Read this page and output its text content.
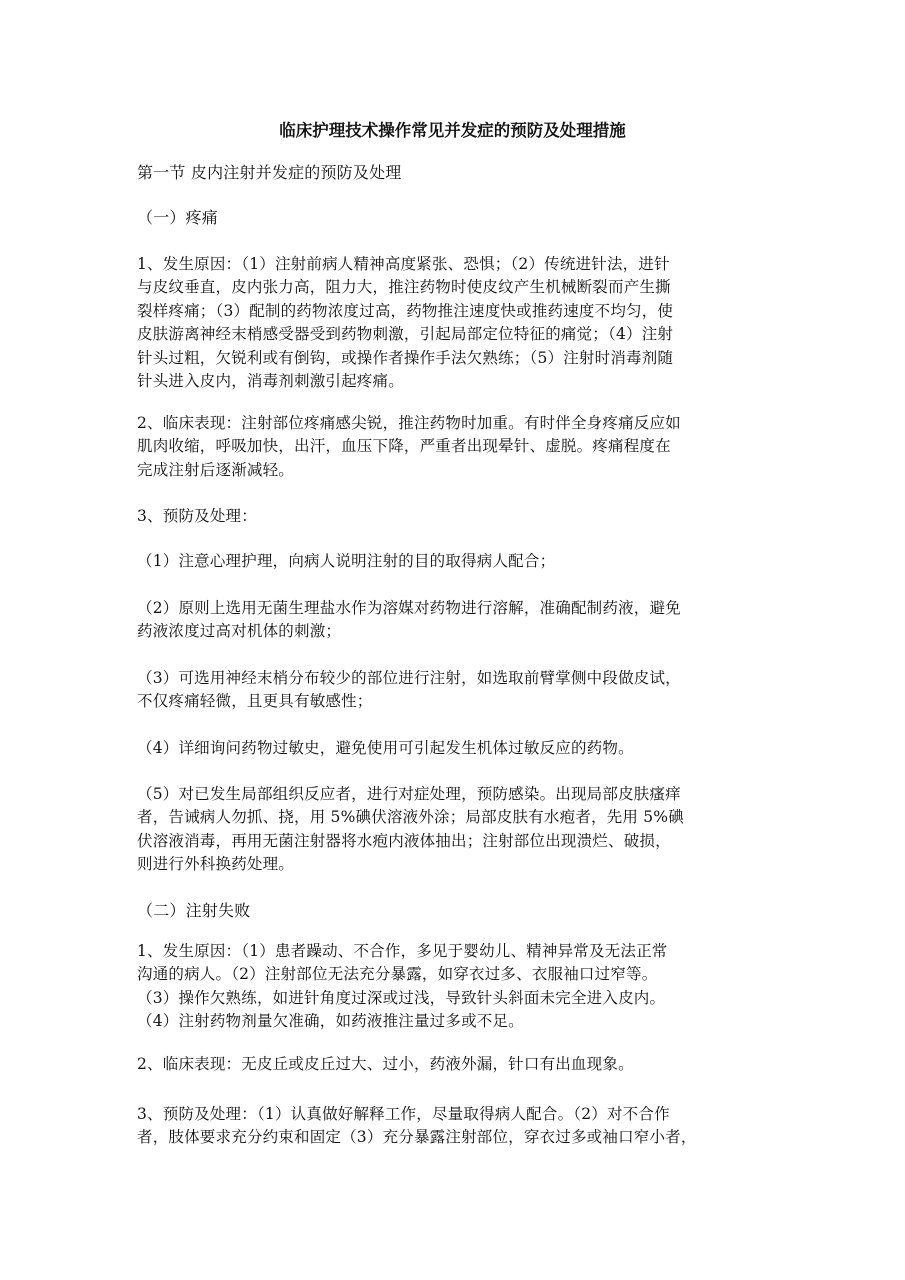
临床护理技术操作常见并发症的预防及处理措施

第一节 皮内注射并发症的预防及处理

（一）疼痛

1、发生原因：（1）注射前病人精神高度紧张、恐惧；（2）传统进针法，进针
与皮纹垂直，皮内张力高，阻力大，推注药物时使皮纹产生机械断裂而产生撕
裂样疼痛；（3）配制的药物浓度过高，药物推注速度快或推药速度不均匀，使
皮肤游离神经末梢感受器受到药物刺激，引起局部定位特征的痛觉；（4）注射
针头过粗，欠锐利或有倒钩，或操作者操作手法欠熟练；（5）注射时消毒剂随
针头进入皮内，消毒剂刺激引起疼痛。

2、临床表现：注射部位疼痛感尖锐，推注药物时加重。有时伴全身疼痛反应如
肌肉收缩，呼吸加快，出汗，血压下降，严重者出现晕针、虚脱。疼痛程度在
完成注射后逐渐减轻。

3、预防及处理：

（1）注意心理护理，向病人说明注射的目的取得病人配合；

（2）原则上选用无菌生理盐水作为溶媒对药物进行溶解，准确配制药液，避免
药液浓度过高对机体的刺激；

（3）可选用神经末梢分布较少的部位进行注射，如选取前臂掌侧中段做皮试，
不仅疼痛轻微，且更具有敏感性；

（4）详细询问药物过敏史，避免使用可引起发生机体过敏反应的药物。

（5）对已发生局部组织反应者，进行对症处理，预防感染。出现局部皮肤瘙痒
者，告诫病人勿抓、挠，用 5%碘伏溶液外涂；局部皮肤有水疱者，先用 5%碘
伏溶液消毒，再用无菌注射器将水疱内液体抽出；注射部位出现溃烂、破损，
则进行外科换药处理。

（二）注射失败

1、发生原因：（1）患者躁动、不合作，多见于婴幼儿、精神异常及无法正常
沟通的病人。（2）注射部位无法充分暴露，如穿衣过多、衣服袖口过窄等。
（3）操作欠熟练，如进针角度过深或过浅，导致针头斜面未完全进入皮内。
（4）注射药物剂量欠准确，如药液推注量过多或不足。

2、临床表现：无皮丘或皮丘过大、过小，药液外漏，针口有出血现象。

3、预防及处理：（1）认真做好解释工作，尽量取得病人配合。（2）对不合作
者，肢体要求充分约束和固定（3）充分暴露注射部位，穿衣过多或袖口窄小者，
